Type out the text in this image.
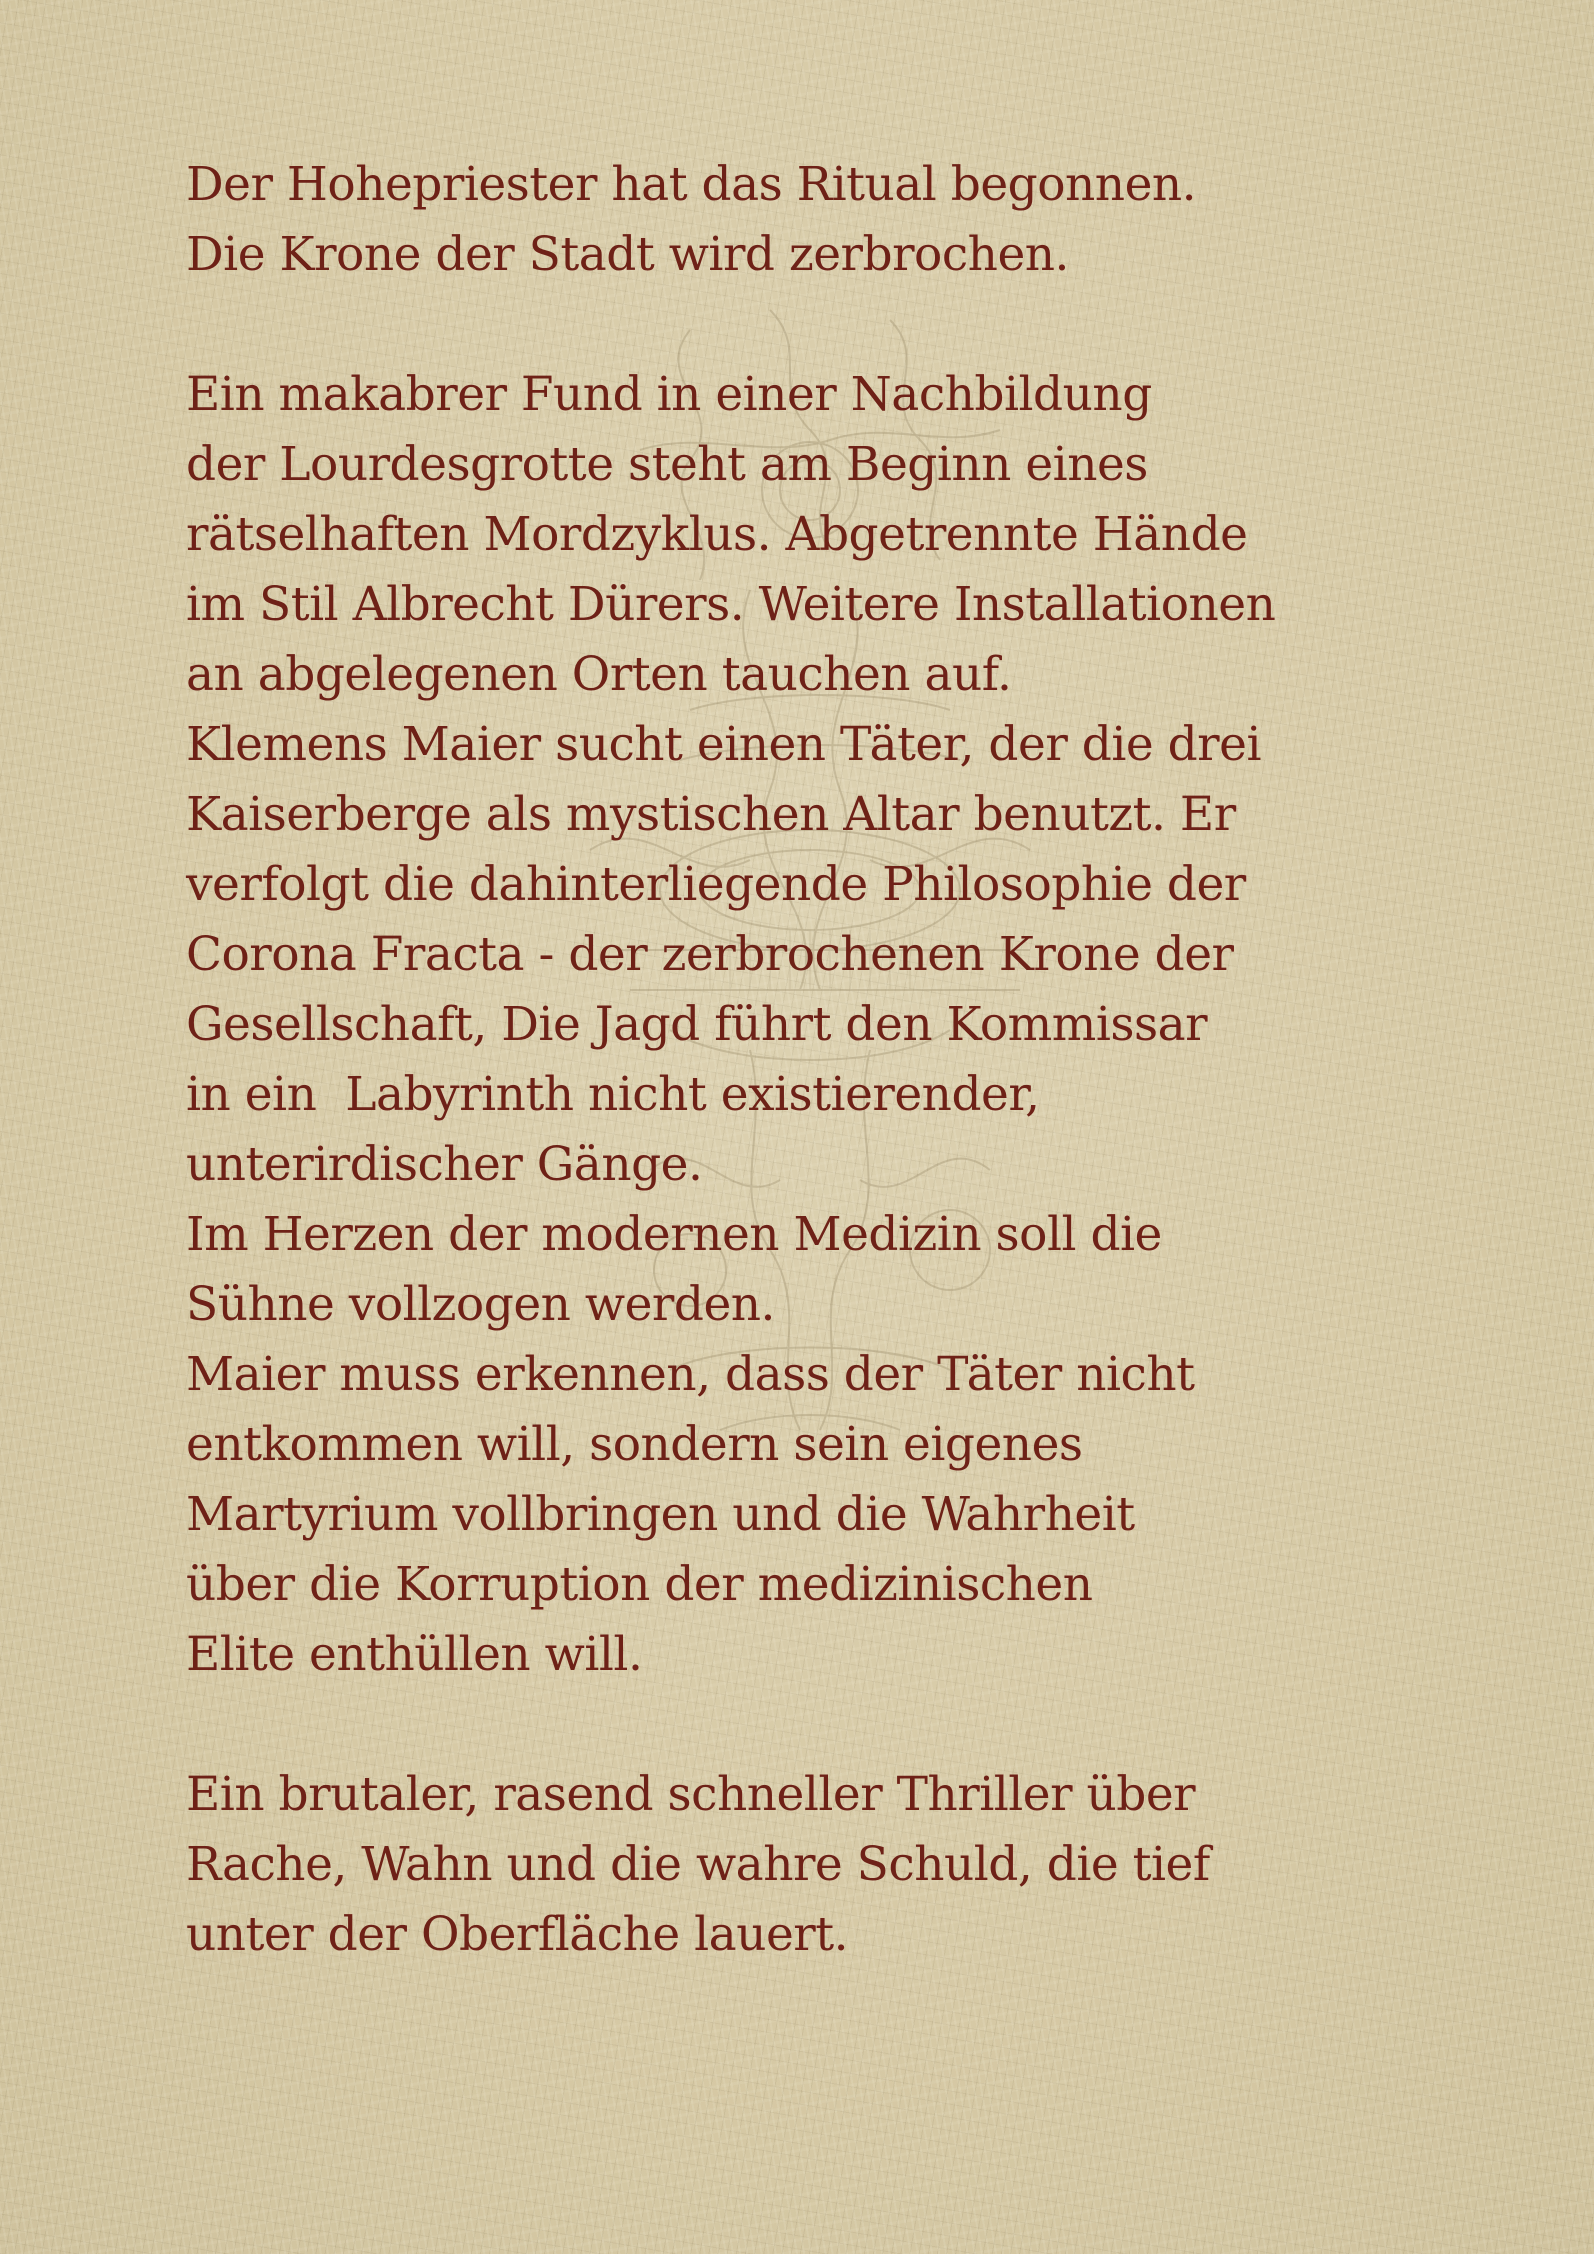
Der Hohepriester hat das Ritual begonnen.
Die Krone der Stadt wird zerbrochen.
Ein makabrer Fund in einer Nachbildung
der Lourdesgrotte steht am Beginn eines
rätselhaften Mordzyklus. Abgetrennte Hände
im Stil Albrecht Dürers. Weitere Installationen
an abgelegenen Orten tauchen auf.
Klemens Maier sucht einen Täter, der die drei
Kaiserberge als mystischen Altar benutzt. Er
verfolgt die dahinterliegende Philosophie der
Corona Fracta - der zerbrochenen Krone der
Gesellschaft, Die Jagd führt den Kommissar
in ein  Labyrinth nicht existierender,
unterirdischer Gänge.
Im Herzen der modernen Medizin soll die
Sühne vollzogen werden.
Maier muss erkennen, dass der Täter nicht
entkommen will, sondern sein eigenes
Martyrium vollbringen und die Wahrheit
über die Korruption der medizinischen
Elite enthüllen will.
Ein brutaler, rasend schneller Thriller über
Rache, Wahn und die wahre Schuld, die tief
unter der Oberfläche lauert.
